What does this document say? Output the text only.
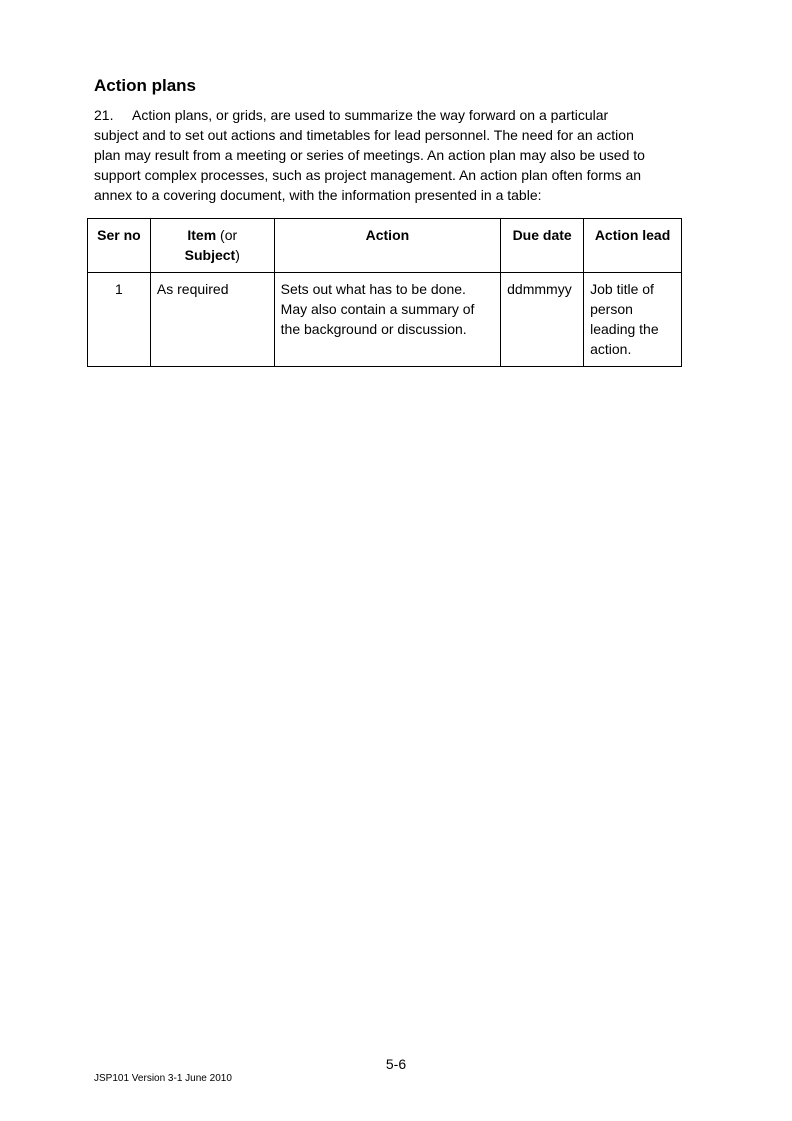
Action plans

21. Action plans, or grids, are used to summarize the way forward on a particular
subject and to set out actions and timetables for lead personnel. The need for an action
plan may result from a meeting or series of meetings. An action plan may also be used to
support complex processes, such as project management. An action plan often forms an
annex to a covering document, with the information presented in a table:

Ser no	Item (or
Subject)	Action	Due date	Action lead
1	As required	Sets out what has to be done.
May also contain a summary of
the background or discussion.	ddmmmyy	Job title of
person
leading the
action.
5-6
JSP101 Version 3-1 June 2010
